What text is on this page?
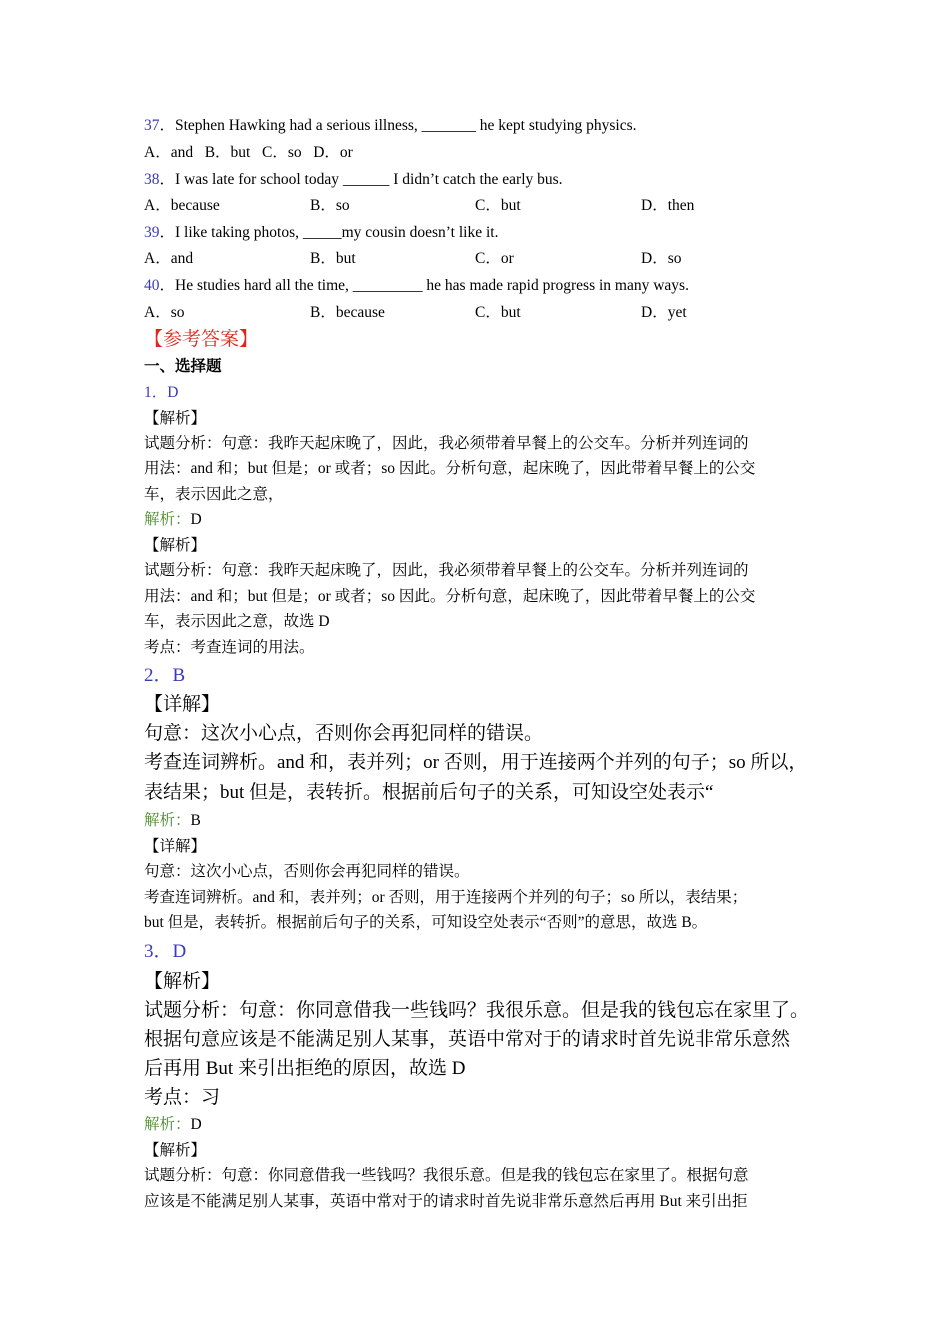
37．Stephen Hawking had a serious illness, _______ he kept studying physics.
A．and B．but C．so D．or
38．I was late for school today ______ I didn’t catch the early bus.
A．because	B．so	C．but	D．then
39．I like taking photos, _____my cousin doesn’t like it.
A．and	B．but	C．or	D．so
40．He studies hard all the time, _________ he has made rapid progress in many ways.
A．so	B．because	C．but	D．yet
【参考答案】
一、选择题
1．D
【解析】
试题分析：句意：我昨天起床晚了，因此，我必须带着早餐上的公交车。分析并列连词的
用法：and 和；but 但是；or 或者；so 因此。分析句意，起床晚了，因此带着早餐上的公交
车，表示因此之意，
解析：D
【解析】
试题分析：句意：我昨天起床晚了，因此，我必须带着早餐上的公交车。分析并列连词的
用法：and 和；but 但是；or 或者；so 因此。分析句意，起床晚了，因此带着早餐上的公交
车，表示因此之意，故选 D
考点：考查连词的用法。
2．B
【详解】
句意：这次小心点，否则你会再犯同样的错误。
考查连词辨析。and 和，表并列；or 否则，用于连接两个并列的句子；so 所以，
表结果；but 但是，表转折。根据前后句子的关系，可知设空处表示“
解析：B
【详解】
句意：这次小心点，否则你会再犯同样的错误。
考查连词辨析。and 和，表并列；or 否则，用于连接两个并列的句子；so 所以，表结果；
but 但是，表转折。根据前后句子的关系，可知设空处表示“否则”的意思，故选 B。
3．D
【解析】
试题分析：句意：你同意借我一些钱吗？我很乐意。但是我的钱包忘在家里了。
根据句意应该是不能满足别人某事，英语中常对于的请求时首先说非常乐意然
后再用 But 来引出拒绝的原因，故选 D
考点：习
解析：D
【解析】
试题分析：句意：你同意借我一些钱吗？我很乐意。但是我的钱包忘在家里了。根据句意
应该是不能满足别人某事，英语中常对于的请求时首先说非常乐意然后再用 But 来引出拒
